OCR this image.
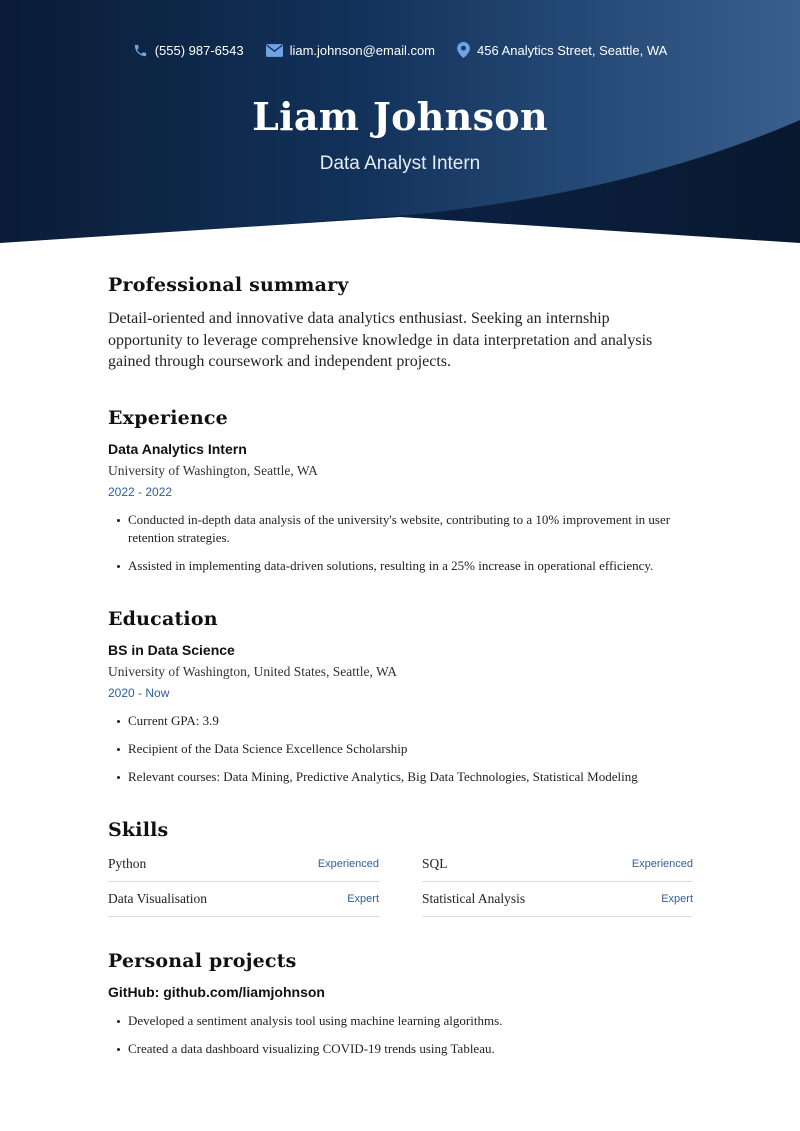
(555) 987-6543	liam.johnson@email.com	456 Analytics Street, Seattle, WA
Liam Johnson
Data Analyst Intern
Professional summary

Detail-oriented and innovative data analytics enthusiast. Seeking an internship opportunity to leverage comprehensive knowledge in data interpretation and analysis gained through coursework and independent projects.

Experience
Data Analytics Intern
University of Washington, Seattle, WA
2022 - 2022
Conducted in-depth data analysis of the university's website, contributing to a 10% improvement in user retention strategies.
Assisted in implementing data-driven solutions, resulting in a 25% increase in operational efficiency.
Education
BS in Data Science
University of Washington, United States, Seattle, WA
2020 - Now
Current GPA: 3.9
Recipient of the Data Science Excellence Scholarship
Relevant courses: Data Mining, Predictive Analytics, Big Data Technologies, Statistical Modeling
Skills
Python	Experienced
Data Visualisation	Expert
SQL	Experienced
Statistical Analysis	Expert
Personal projects
GitHub: github.com/liamjohnson
Developed a sentiment analysis tool using machine learning algorithms.
Created a data dashboard visualizing COVID-19 trends using Tableau.
